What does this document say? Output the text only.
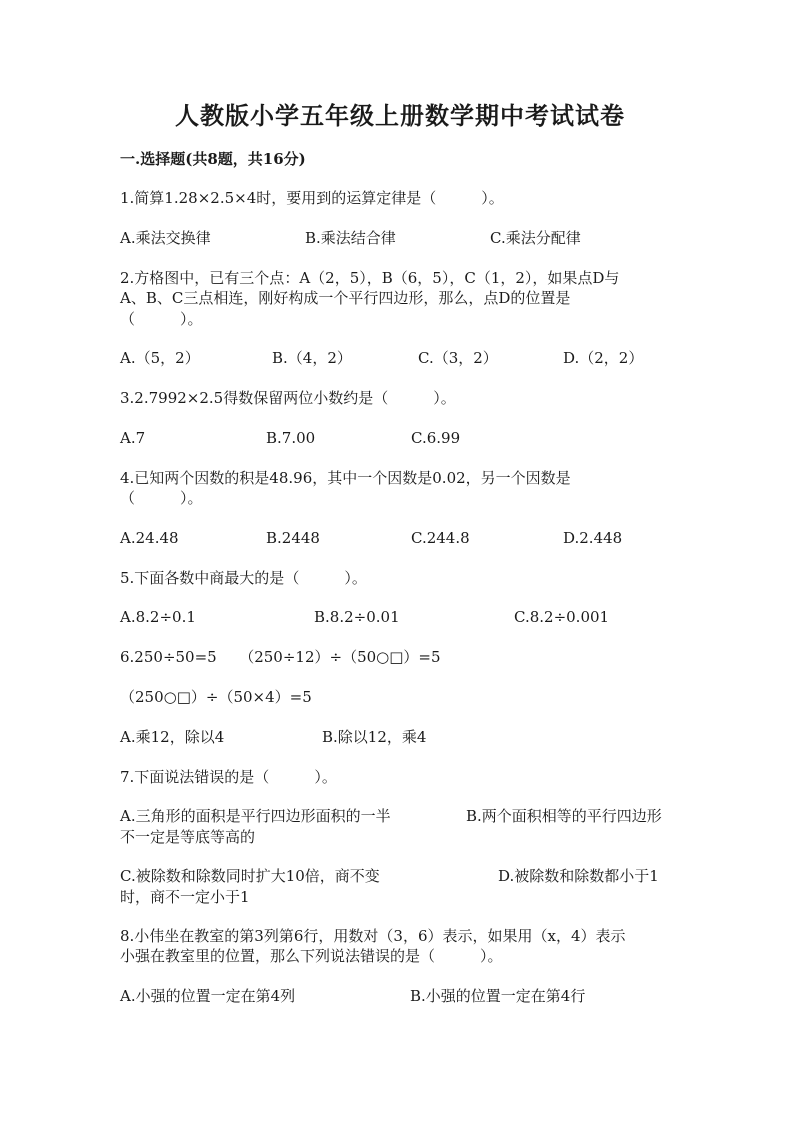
人教版小学五年级上册数学期中考试试卷
一.选择题(共8题，共16分)
1.简算1.28×2.5×4时，要用到的运算定律是（　　　）。
A.乘法交换律	B.乘法结合律	C.乘法分配律
2.方格图中，已有三个点：A（2，5），B（6，5），C（1，2），如果点D与
A、B、C三点相连，刚好构成一个平行四边形，那么，点D的位置是
（　　　）。
A.（5，2）	B.（4，2）	C.（3，2）	D.（2，2）
3.2.7992×2.5得数保留两位小数约是（　　　）。
A.7	B.7.00	C.6.99
4.已知两个因数的积是48.96，其中一个因数是0.02，另一个因数是
（　　　）。
A.24.48	B.2448	C.244.8	D.2.448
5.下面各数中商最大的是（　　　）。
A.8.2÷0.1	B.8.2÷0.01	C.8.2÷0.001
6.250÷50=5　　（250÷12）÷（50○□）=5
（250○□）÷（50×4）=5
A.乘12，除以4	B.除以12，乘4
7.下面说法错误的是（　　　）。
A.三角形的面积是平行四边形面积的一半	B.两个面积相等的平行四边形
不一定是等底等高的
C.被除数和除数同时扩大10倍，商不变	D.被除数和除数都小于1
时，商不一定小于1
8.小伟坐在教室的第3列第6行，用数对（3，6）表示，如果用（x，4）表示
小强在教室里的位置，那么下列说法错误的是（　　　）。
A.小强的位置一定在第4列	B.小强的位置一定在第4行
